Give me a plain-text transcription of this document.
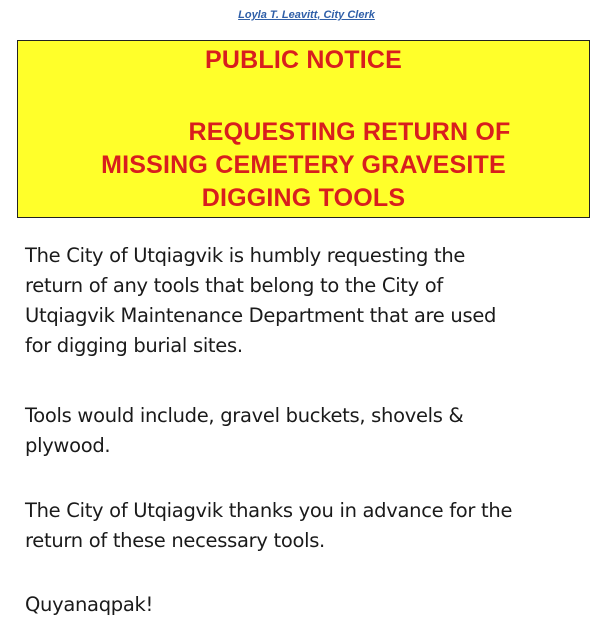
Loyla T. Leavitt, City Clerk
PUBLIC NOTICE
REQUESTING RETURN OF
MISSING CEMETERY GRAVESITE
DIGGING TOOLS

The City of Utqiagvik is humbly requesting the
return of any tools that belong to the City of
Utqiagvik Maintenance Department that are used
for digging burial sites.

Tools would include, gravel buckets, shovels &
plywood.

The City of Utqiagvik thanks you in advance for the
return of these necessary tools.

Quyanaqpak!
